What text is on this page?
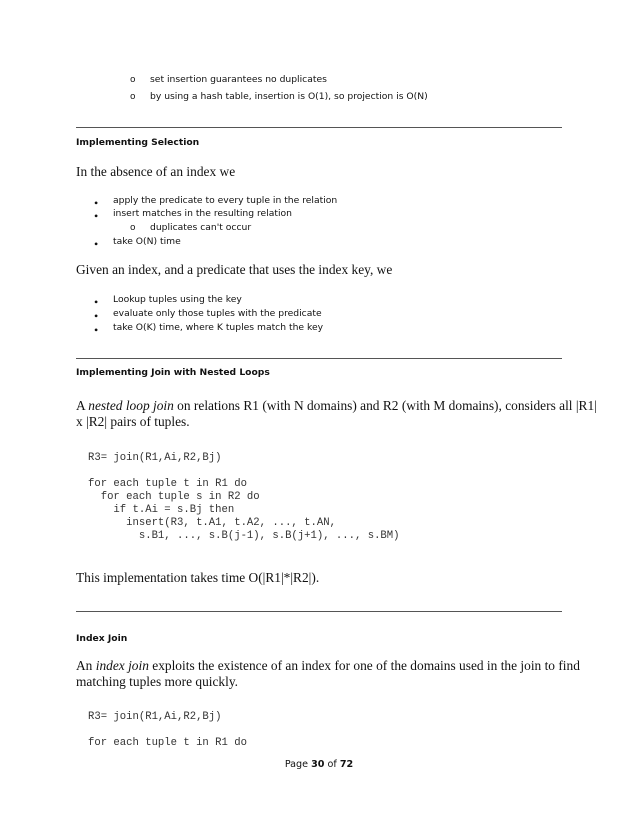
o set insertion guarantees no duplicates
o by using a hash table, insertion is O(1), so projection is O(N)
Implementing Selection
In the absence of an index we
• apply the predicate to every tuple in the relation
• insert matches in the resulting relation
o duplicates can't occur
• take O(N) time
Given an index, and a predicate that uses the index key, we
• Lookup tuples using the key
• evaluate only those tuples with the predicate
• take O(K) time, where K tuples match the key
Implementing Join with Nested Loops
A nested loop join on relations R1 (with N domains) and R2 (with M domains), considers all |R1|
x |R2| pairs of tuples.
R3= join(R1,Ai,R2,Bj)

for each tuple t in R1 do
for each tuple s in R2 do
if t.Ai = s.Bj then
insert(R3, t.A1, t.A2, ..., t.AN,
s.B1, ..., s.B(j-1), s.B(j+1), ..., s.BM)
This implementation takes time O(|R1|*|R2|).
Index Join
An index join exploits the existence of an index for one of the domains used in the join to find
matching tuples more quickly.
R3= join(R1,Ai,R2,Bj)

for each tuple t in R1 do
Page 30 of 72
